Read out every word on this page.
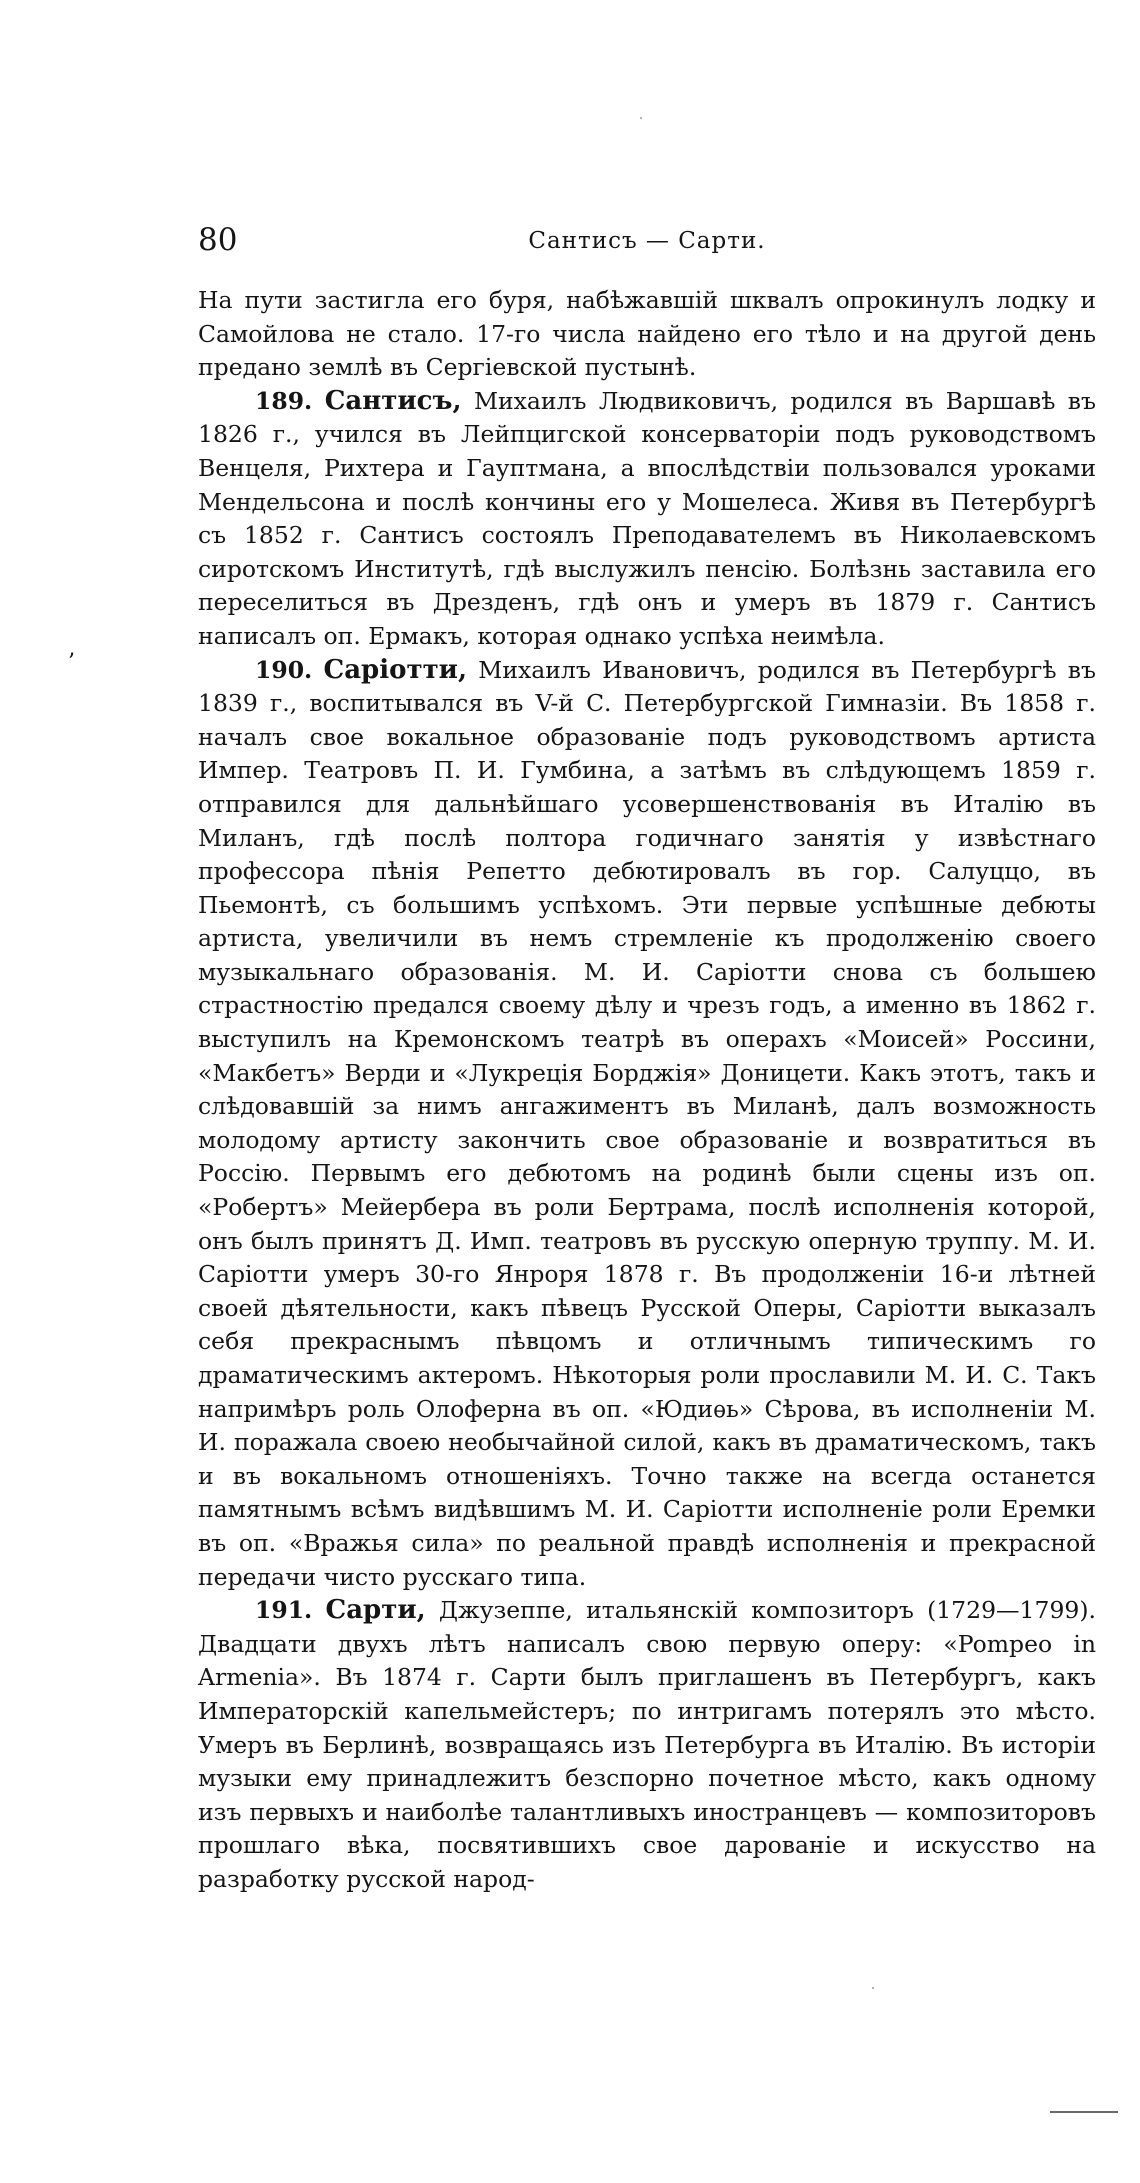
80	Сантисъ — Сарти.
’

На пути застигла его буря, набѣжавшій шквалъ опрокинулъ лодку и Самойлова не стало. 17-го числа найдено его тѣло и на другой день предано землѣ въ Сергіевской пустынѣ.

189. Сантисъ, Михаилъ Людвиковичъ, родился въ Варшавѣ въ 1826 г., учился въ Лейпцигской консерваторіи подъ руководствомъ Венцеля, Рихтера и Гауптмана, а впослѣдствіи пользовался уроками Мендельсона и послѣ кончины его у Мошелеса. Живя въ Петербургѣ съ 1852 г. Сантисъ состоялъ Преподавателемъ въ Николаевскомъ сиротскомъ Институтѣ, гдѣ выслужилъ пенсію. Болѣзнь заставила его переселиться въ Дрезденъ, гдѣ онъ и умеръ въ 1879 г. Сантисъ написалъ оп. Ермакъ, которая однако успѣха неимѣла.

190. Саріотти, Михаилъ Ивановичъ, родился въ Петербургѣ въ 1839 г., воспитывался въ V-й С. Петербургской Гимназіи. Въ 1858 г. началъ свое вокальное образованіе подъ руководствомъ артиста Импер. Театровъ П. И. Гумбина, а затѣмъ въ слѣдующемъ 1859 г. отправился для дальнѣйшаго усовершенствованія въ Италію въ Миланъ, гдѣ послѣ полтора годичнаго занятія у извѣстнаго профессора пѣнія Репетто дебютировалъ въ гор. Салуццо, въ Пьемонтѣ, съ большимъ успѣхомъ. Эти первые успѣшные дебюты артиста, увеличили въ немъ стремленіе къ продолженію своего музыкальнаго образованія. М. И. Саріотти снова съ большею страстностію предался своему дѣлу и чрезъ годъ, а именно въ 1862 г. выступилъ на Кремонскомъ театрѣ въ операхъ «Моисей» Россини, «Макбетъ» Верди и «Лукреція Борджія» Доницети. Какъ этотъ, такъ и слѣдовавшій за нимъ ангажиментъ въ Миланѣ, далъ возможность молодому артисту закончить свое образованіе и возвратиться въ Россію. Первымъ его дебютомъ на родинѣ были сцены изъ оп. «Робертъ» Мейербера въ роли Бертрама, послѣ исполненія которой, онъ былъ принятъ Д. Имп. театровъ въ русскую оперную труппу. М. И. Саріотти умеръ 30-го Янроря 1878 г. Въ продолженіи 16-и лѣтней своей дѣятельности, какъ пѣвецъ Русской Оперы, Саріотти выказалъ себя прекраснымъ пѣвцомъ и отличнымъ типическимъ го драматическимъ актеромъ. Нѣкоторыя роли прославили М. И. С. Такъ напримѣръ роль Олоферна въ оп. «Юдиѳь» Сѣрова, въ исполненіи М. И. поражала своею необычайной силой, какъ въ драматическомъ, такъ и въ вокальномъ отношеніяхъ. Точно также на всегда останется памятнымъ всѣмъ видѣвшимъ М. И. Саріотти исполненіе роли Еремки въ оп. «Вражья сила» по реальной правдѣ исполненія и прекрасной передачи чисто русскаго типа.

191. Сарти, Джузеппе, итальянскій композиторъ (1729—1799). Двадцати двухъ лѣтъ написалъ свою первую оперу: «Pompeo in Armenia». Въ 1874 г. Сарти былъ приглашенъ въ Петербургъ, какъ Императорскій капельмейстеръ; по интригамъ потерялъ это мѣсто. Умеръ въ Берлинѣ, возвращаясь изъ Петербурга въ Италію. Въ исторіи музыки ему принадлежитъ безспорно почетное мѣсто, какъ одному изъ первыхъ и наиболѣе талантливыхъ иностранцевъ — композиторовъ прошлаго вѣка, посвятившихъ свое дарованіе и искусство на разработку русской народ-
